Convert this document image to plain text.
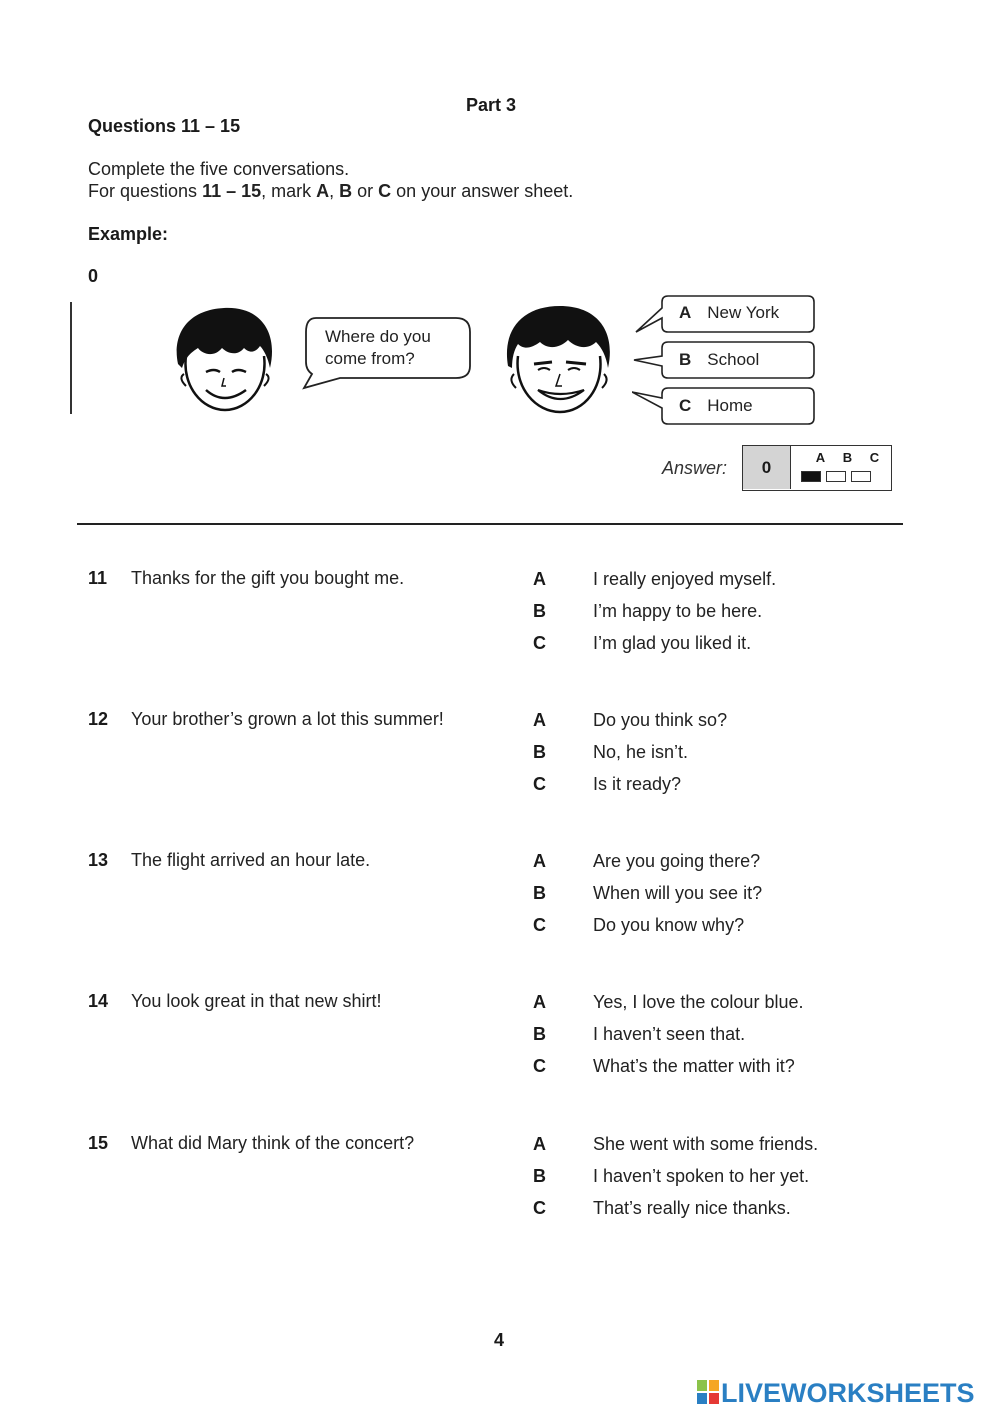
Part 3
Questions 11 – 15
Complete the five conversations.
For questions 11 – 15, mark A, B or C on your answer sheet.
Example:
0
Where do you
come from?
A New York
B School
C Home
Answer:	0	A B C
11 Thanks for the gift you bought me.	A	I really enjoyed myself.
B	I’m happy to be here.
C	I’m glad you liked it.
12 Your brother’s grown a lot this summer!	A	Do you think so?
B	No, he isn’t.
C	Is it ready?
13 The flight arrived an hour late.	A	Are you going there?
B	When will you see it?
C	Do you know why?
14 You look great in that new shirt!	A	Yes, I love the colour blue.
B	I haven’t seen that.
C	What’s the matter with it?
15 What did Mary think of the concert?	A	She went with some friends.
B	I haven’t spoken to her yet.
C	That’s really nice thanks.
4
LIVEWORKSHEETS
